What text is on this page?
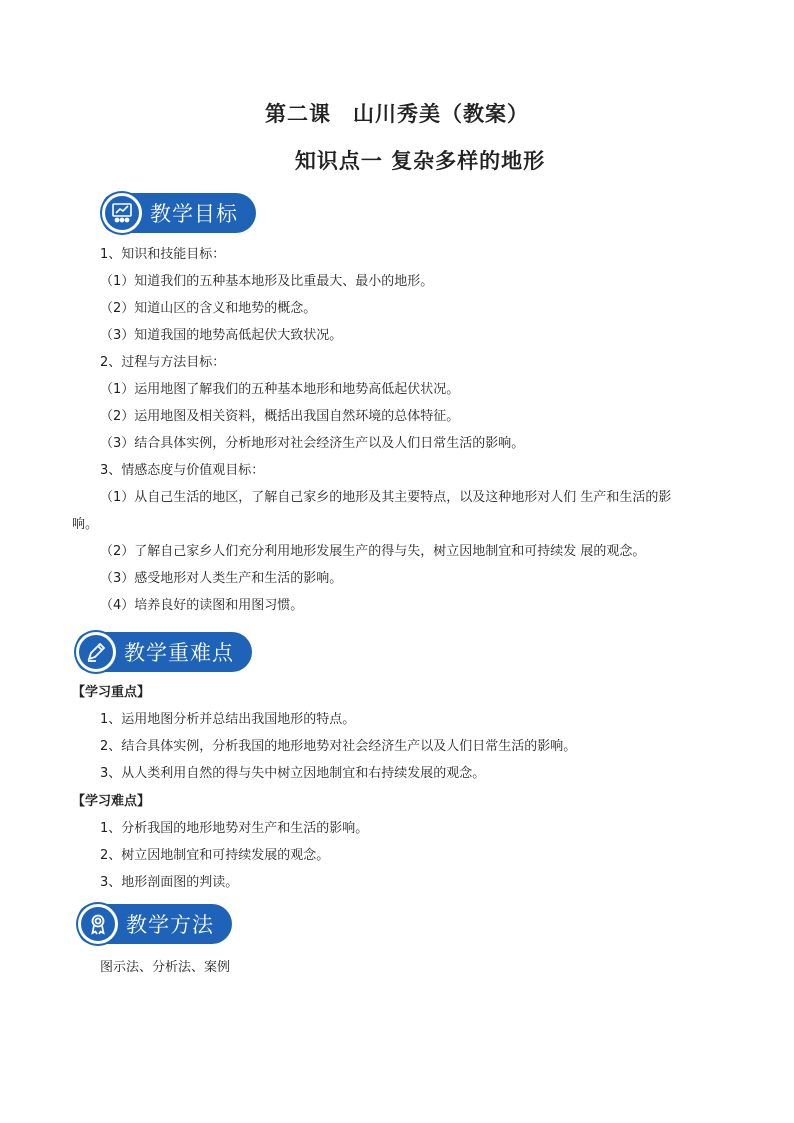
第二课　山川秀美（教案）
知识点一 复杂多样的地形
教学目标
1、知识和技能目标：
（1）知道我们的五种基本地形及比重最大、最小的地形。
（2）知道山区的含义和地势的概念。
（3）知道我国的地势高低起伏大致状况。
2、过程与方法目标：
（1）运用地图了解我们的五种基本地形和地势高低起伏状况。
（2）运用地图及相关资料，概括出我国自然环境的总体特征。
（3）结合具体实例，分析地形对社会经济生产以及人们日常生活的影响。
3、情感态度与价值观目标：
（1）从自己生活的地区，了解自己家乡的地形及其主要特点，以及这种地形对人们 生产和生活的影
响。
（2）了解自己家乡人们充分利用地形发展生产的得与失，树立因地制宜和可持续发 展的观念。
（3）感受地形对人类生产和生活的影响。
（4）培养良好的读图和用图习惯。
教学重难点
【学习重点】
1、运用地图分析并总结出我国地形的特点。
2、结合具体实例，分析我国的地形地势对社会经济生产以及人们日常生活的影响。
3、从人类利用自然的得与失中树立因地制宜和右持续发展的观念。
【学习难点】
1、分析我国的地形地势对生产和生活的影响。
2、树立因地制宜和可持续发展的观念。
3、地形剖面图的判读。
教学方法
图示法、分析法、案例
